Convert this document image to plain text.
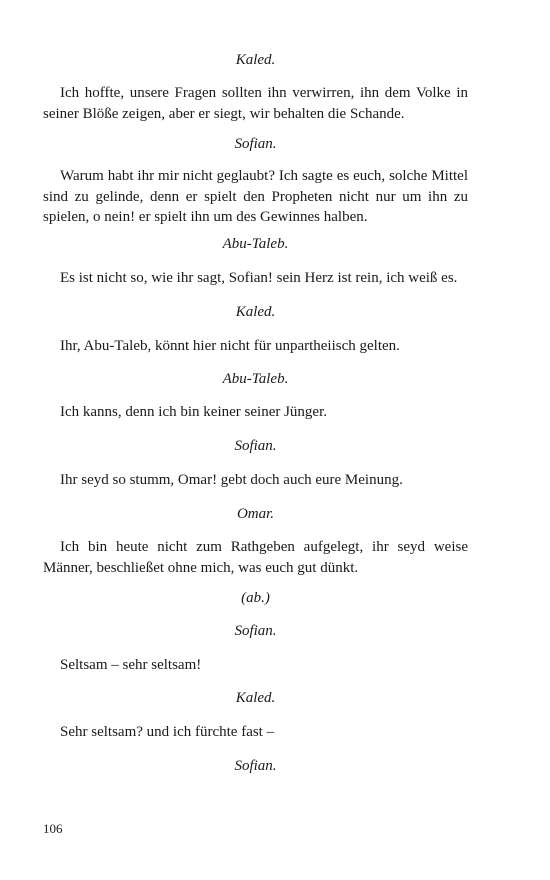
Kaled.

Ich hoffte, unsere Fragen sollten ihn verwirren, ihn dem Volke in seiner Blöße zeigen, aber er siegt, wir behalten die Schande.

Sofian.

Warum habt ihr mir nicht geglaubt? Ich sagte es euch, solche Mittel sind zu gelinde, denn er spielt den Propheten nicht nur um ihn zu spielen, o nein! er spielt ihn um des Gewinnes halben.

Abu-Taleb.

Es ist nicht so, wie ihr sagt, Sofian! sein Herz ist rein, ich weiß es.

Kaled.

Ihr, Abu-Taleb, könnt hier nicht für unpartheiisch gelten.

Abu-Taleb.

Ich kanns, denn ich bin keiner seiner Jünger.

Sofian.

Ihr seyd so stumm, Omar! gebt doch auch eure Meinung.

Omar.

Ich bin heute nicht zum Rathgeben aufgelegt, ihr seyd weise Männer, beschließet ohne mich, was euch gut dünkt.

(ab.)

Sofian.

Seltsam – sehr seltsam!

Kaled.

Sehr seltsam? und ich fürchte fast –

Sofian.

106
